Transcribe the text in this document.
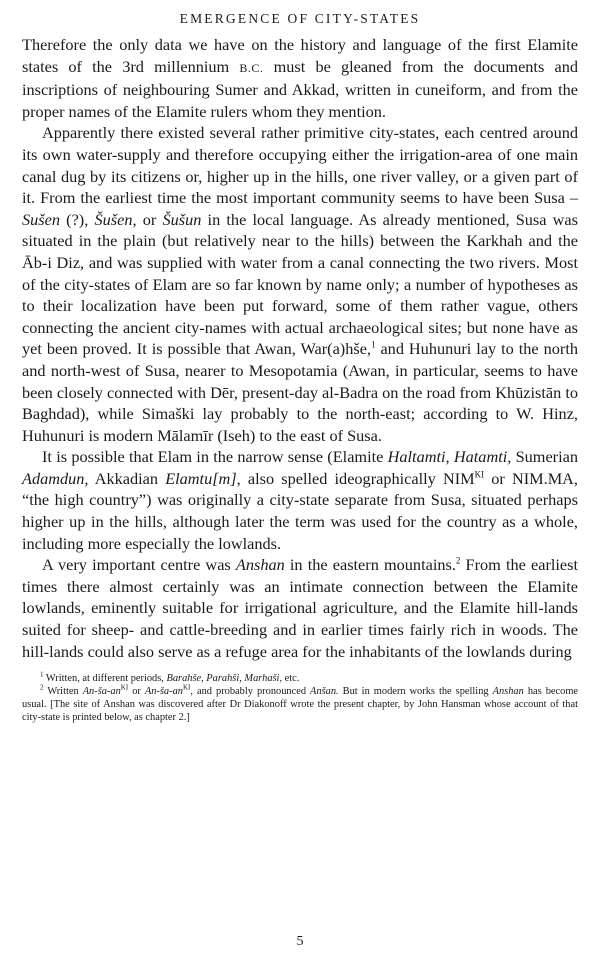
EMERGENCE OF CITY-STATES

Therefore the only data we have on the history and language of the first Elamite states of the 3rd millennium B.C. must be gleaned from the documents and inscriptions of neighbouring Sumer and Akkad, written in cuneiform, and from the proper names of the Elamite rulers whom they mention.

Apparently there existed several rather primitive city-states, each centred around its own water-supply and therefore occupying either the irrigation-area of one main canal dug by its citizens or, higher up in the hills, one river valley, or a given part of it. From the earliest time the most important community seems to have been Susa – Sušen (?), Šušen, or Šušun in the local language. As already mentioned, Susa was situated in the plain (but relatively near to the hills) between the Karkhah and the Āb-i Diz, and was supplied with water from a canal connecting the two rivers. Most of the city-states of Elam are so far known by name only; a number of hypotheses as to their localization have been put forward, some of them rather vague, others connecting the ancient city-names with actual archaeological sites; but none have as yet been proved. It is possible that Awan, War(a)hše,$^1$ and Huhunuri lay to the north and north-west of Susa, nearer to Mesopotamia (Awan, in particular, seems to have been closely connected with Dēr, present-day al-Badra on the road from Khūzistān to Baghdad), while Simaški lay probably to the north-east; according to W. Hinz, Huhunuri is modern Mālamīr (Iseh) to the east of Susa.

It is possible that Elam in the narrow sense (Elamite Haltamti, Hatamti, Sumerian Adamdun, Akkadian Elamtu[m], also spelled ideographically $NIM^{KI}$ or NIM.MA, “the high country”) was originally a city-state separate from Susa, situated perhaps higher up in the hills, although later the term was used for the country as a whole, including more especially the lowlands.

A very important centre was Anshan in the eastern mountains.$^2$ From the earliest times there almost certainly was an intimate connection between the Elamite lowlands, eminently suitable for irrigational agriculture, and the Elamite hill-lands suited for sheep- and cattle-breeding and in earlier times fairly rich in woods. The hill-lands could also serve as a refuge area for the inhabitants of the lowlands during

$^1$ Written, at different periods, Barahše, Parahši, Marhaši, etc.

$^2$ Written $An-ša-an^{KI}$ or $An-ša-an^{KI}$, and probably pronounced Anšan. But in modern works the spelling Anshan has become usual. [The site of Anshan was discovered after Dr Diakonoff wrote the present chapter, by John Hansman whose account of that city-state is printed below, as chapter 2.]

5
